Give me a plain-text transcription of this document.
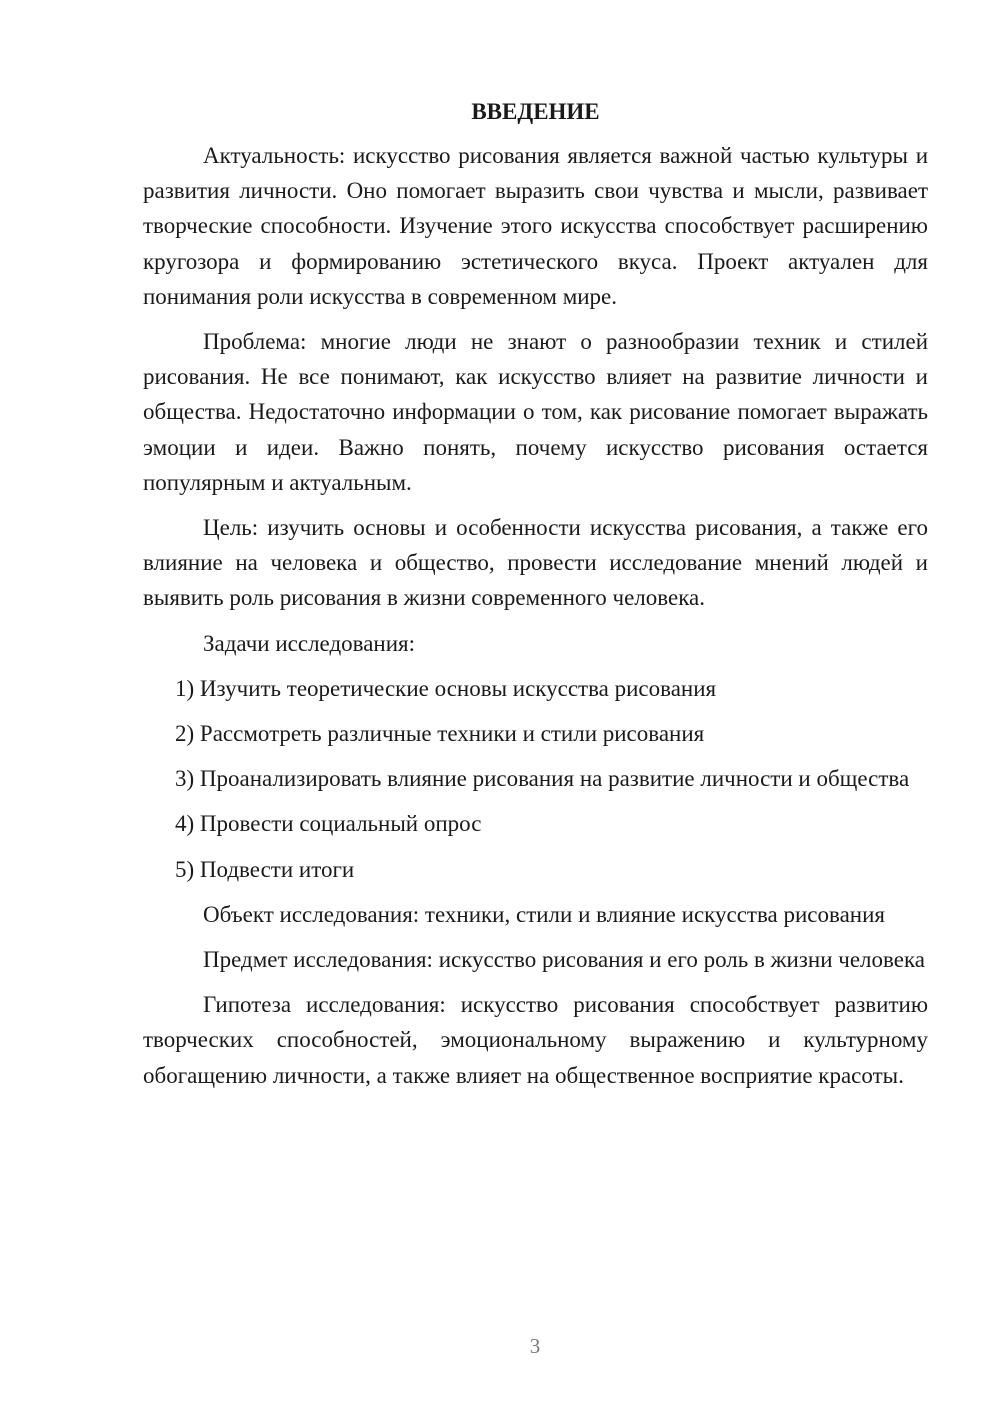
ВВЕДЕНИЕ

Актуальность: искусство рисования является важной частью культуры и развития личности. Оно помогает выразить свои чувства и мысли, развивает творческие способности. Изучение этого искусства способствует расширению кругозора и формированию эстетического вкуса. Проект актуален для понимания роли искусства в современном мире.

Проблема: многие люди не знают о разнообразии техник и стилей рисования. Не все понимают, как искусство влияет на развитие личности и общества. Недостаточно информации о том, как рисование помогает выражать эмоции и идеи. Важно понять, почему искусство рисования остается популярным и актуальным.

Цель: изучить основы и особенности искусства рисования, а также его влияние на человека и общество, провести исследование мнений людей и выявить роль рисования в жизни современного человека.

Задачи исследования:

1) Изучить теоретические основы искусства рисования

2) Рассмотреть различные техники и стили рисования

3) Проанализировать влияние рисования на развитие личности и общества

4) Провести социальный опрос

5) Подвести итоги

Объект исследования: техники, стили и влияние искусства рисования

Предмет исследования: искусство рисования и его роль в жизни человека

Гипотеза исследования: искусство рисования способствует развитию творческих способностей, эмоциональному выражению и культурному обогащению личности, а также влияет на общественное восприятие красоты.

3
